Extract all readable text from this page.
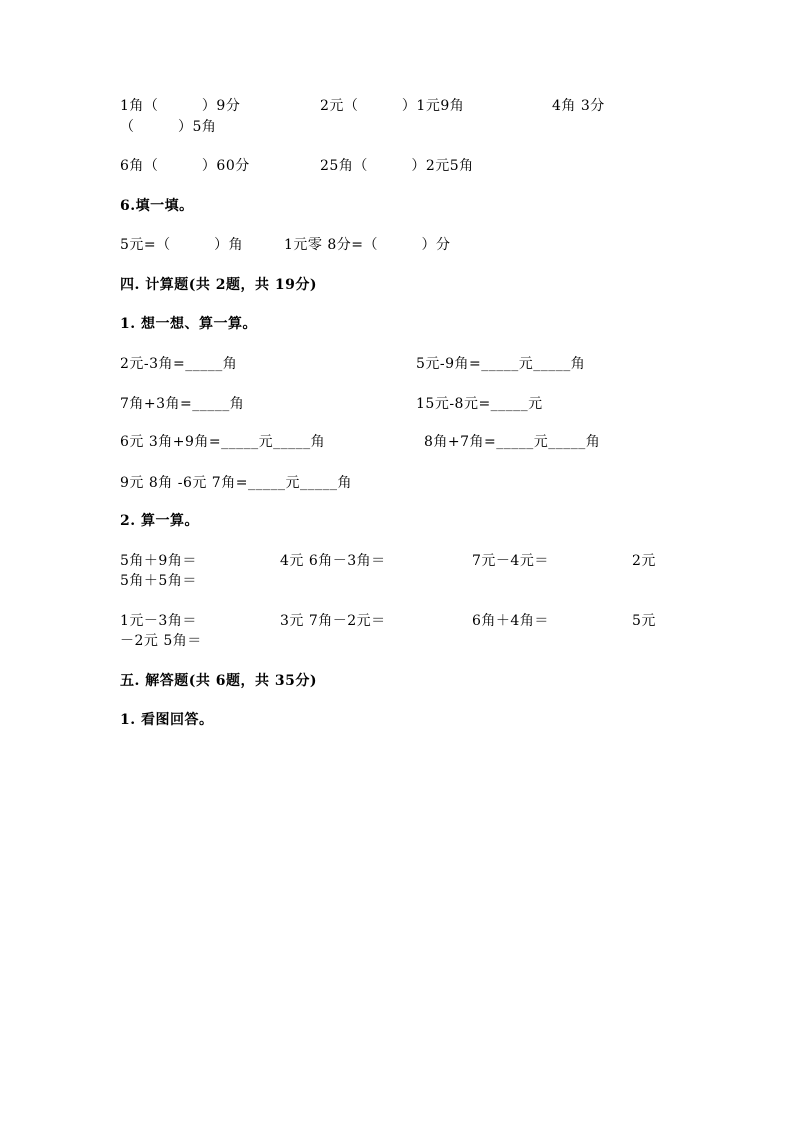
1角（　　　）9分	2元（　　　）1元9角	4角 3分
（　　　）5角
6角（　　　）60分	25角（　　　）2元5角
6.填一填。
5元=（　　　）角	1元零 8分=（　　　）分
四. 计算题(共 2题，共 19分)
1. 想一想、算一算。
2元-3角=_____角	5元-9角=_____元_____角
7角+3角=_____角	15元-8元=_____元
6元 3角+9角=_____元_____角	8角+7角=_____元_____角
9元 8角 -6元 7角=_____元_____角
2. 算一算。
5角＋9角＝	4元 6角－3角＝	7元－4元＝	2元
5角＋5角＝
1元－3角＝	3元 7角－2元＝	6角＋4角＝	5元
－2元 5角＝
五. 解答题(共 6题，共 35分)
1. 看图回答。
